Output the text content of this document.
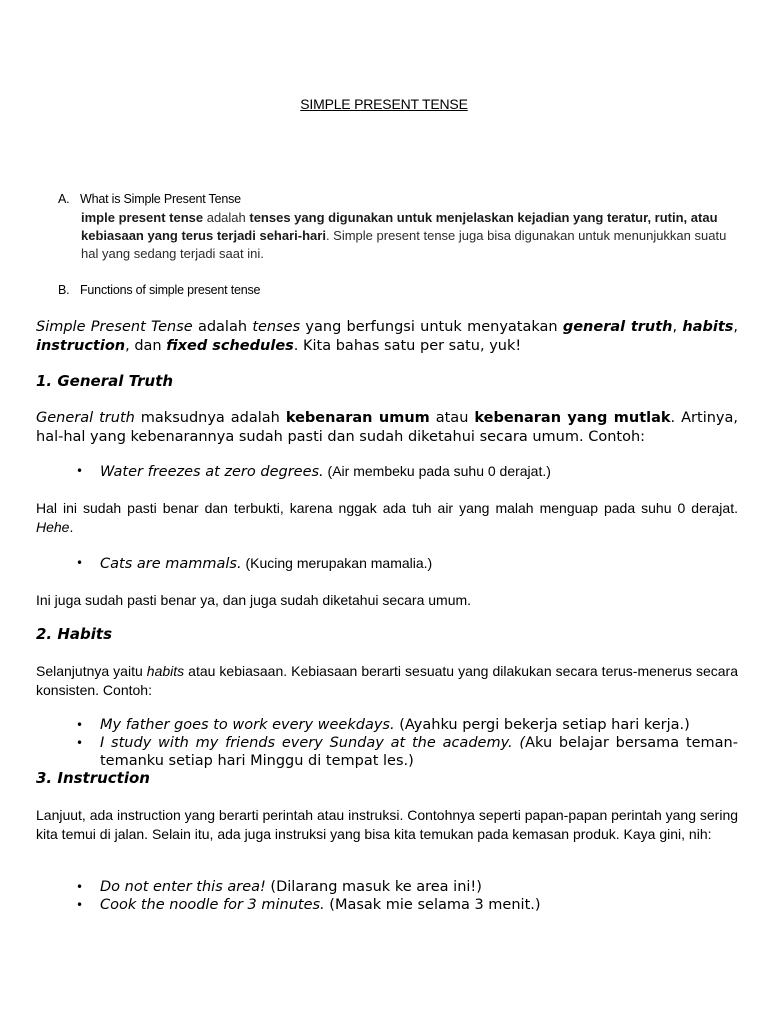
SIMPLE PRESENT TENSE
A. What is Simple Present Tense
imple present tense adalah tenses yang digunakan untuk menjelaskan kejadian yang teratur, rutin, atau kebiasaan yang terus terjadi sehari-hari. Simple present tense juga bisa digunakan untuk menunjukkan suatu hal yang sedang terjadi saat ini.
B. Functions of simple present tense
Simple Present Tense adalah tenses yang berfungsi untuk menyatakan general truth, habits, instruction, dan fixed schedules. Kita bahas satu per satu, yuk!
1. General Truth
General truth maksudnya adalah kebenaran umum atau kebenaran yang mutlak. Artinya, hal-hal yang kebenarannya sudah pasti dan sudah diketahui secara umum. Contoh:
• Water freezes at zero degrees. (Air membeku pada suhu 0 derajat.)
Hal ini sudah pasti benar dan terbukti, karena nggak ada tuh air yang malah menguap pada suhu 0 derajat. Hehe.
• Cats are mammals. (Kucing merupakan mamalia.)
Ini juga sudah pasti benar ya, dan juga sudah diketahui secara umum.
2. Habits
Selanjutnya yaitu habits atau kebiasaan. Kebiasaan berarti sesuatu yang dilakukan secara terus-menerus secara konsisten. Contoh:
• My father goes to work every weekdays. (Ayahku pergi bekerja setiap hari kerja.)
• I study with my friends every Sunday at the academy. (Aku belajar bersama teman-temanku setiap hari Minggu di tempat les.)
3. Instruction
Lanjuut, ada instruction yang berarti perintah atau instruksi. Contohnya seperti papan-papan perintah yang sering kita temui di jalan. Selain itu, ada juga instruksi yang bisa kita temukan pada kemasan produk. Kaya gini, nih:
• Do not enter this area! (Dilarang masuk ke area ini!)
• Cook the noodle for 3 minutes. (Masak mie selama 3 menit.)
